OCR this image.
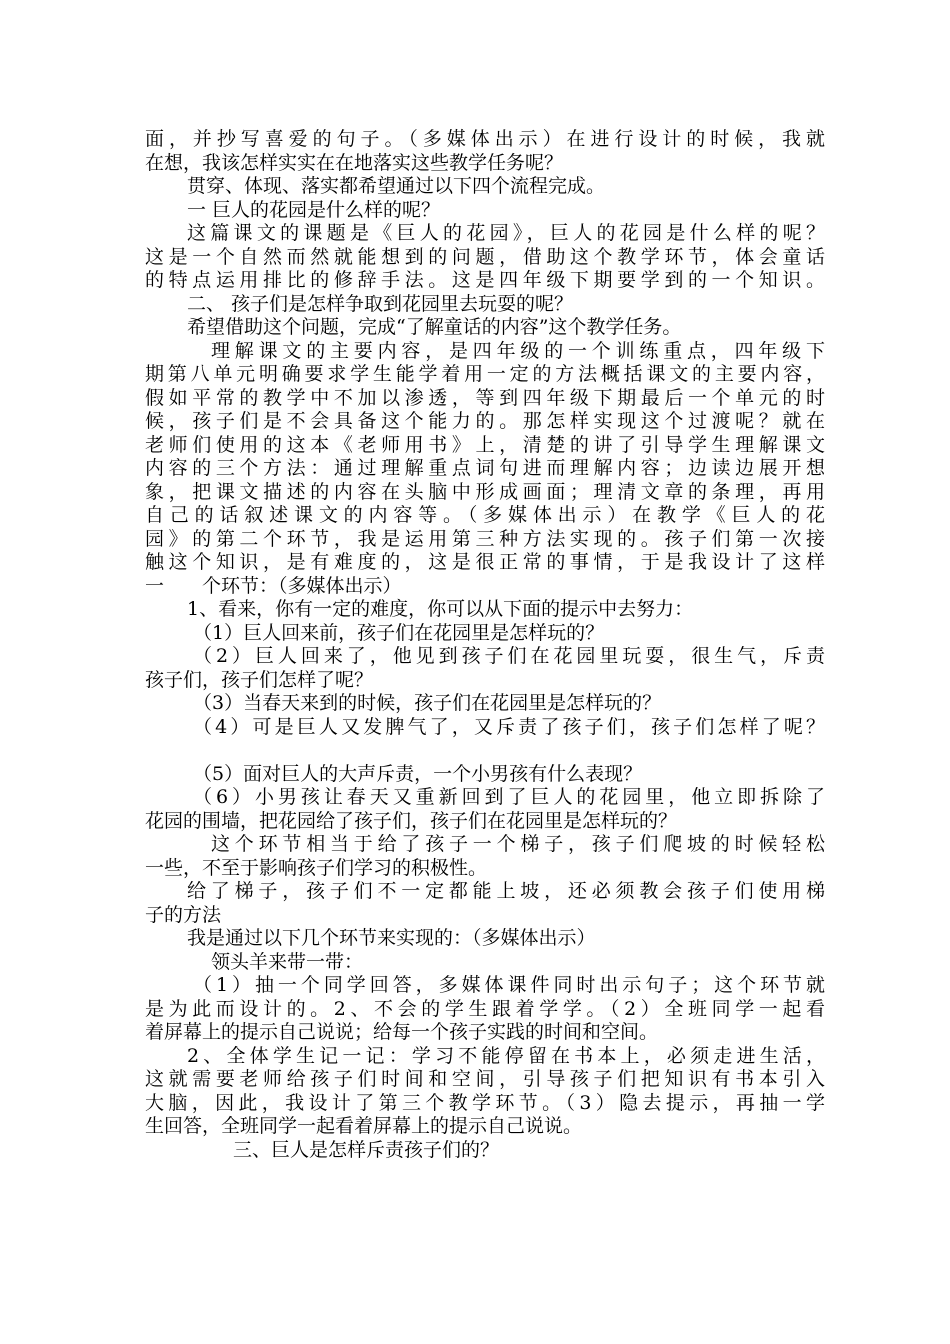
面，并抄写喜爱的句子。（多媒体出示）在进行设计的时候，我就
在想，我该怎样实实在在地落实这些教学任务呢？
贯穿、体现、落实都希望通过以下四个流程完成。
一 巨人的花园是什么样的呢？
这篇课文的课题是《巨人的花园》，巨人的花园是什么样的呢？
这是一个自然而然就能想到的问题，借助这个教学环节，体会童话
的特点运用排比的修辞手法。这是四年级下期要学到的一个知识。
二、 孩子们是怎样争取到花园里去玩耍的呢？
希望借助这个问题，完成“了解童话的内容”这个教学任务。
理解课文的主要内容，是四年级的一个训练重点，四年级下
期第八单元明确要求学生能学着用一定的方法概括课文的主要内容，
假如平常的教学中不加以渗透，等到四年级下期最后一个单元的时
候，孩子们是不会具备这个能力的。那怎样实现这个过渡呢？就在
老师们使用的这本《老师用书》上，清楚的讲了引导学生理解课文
内容的三个方法：通过理解重点词句进而理解内容；边读边展开想
象，把课文描述的内容在头脑中形成画面；理清文章的条理，再用
自己的话叙述课文的内容等。（多媒体出示）在教学《巨人的花
园》的第二个环节，我是运用第三种方法实现的。孩子们第一次接
触这个知识，是有难度的，这是很正常的事情，于是我设计了这样
一　　个环节：（多媒体出示）
1、看来，你有一定的难度，你可以从下面的提示中去努力：
（1）巨人回来前，孩子们在花园里是怎样玩的？
（2）巨人回来了，他见到孩子们在花园里玩耍，很生气，斥责
孩子们，孩子们怎样了呢？
（3）当春天来到的时候，孩子们在花园里是怎样玩的？
（4）可是巨人又发脾气了，又斥责了孩子们，孩子们怎样了呢？
（5）面对巨人的大声斥责，一个小男孩有什么表现？
（6）小男孩让春天又重新回到了巨人的花园里，他立即拆除了
花园的围墙，把花园给了孩子们，孩子们在花园里是怎样玩的？
这个环节相当于给了孩子一个梯子，孩子们爬坡的时候轻松
一些，不至于影响孩子们学习的积极性。
给了梯子，孩子们不一定都能上坡，还必须教会孩子们使用梯
子的方法
我是通过以下几个环节来实现的：（多媒体出示）
领头羊来带一带：
（1）抽一个同学回答，多媒体课件同时出示句子；这个环节就
是为此而设计的。2、不会的学生跟着学学。（2）全班同学一起看
着屏幕上的提示自己说说；给每一个孩子实践的时间和空间。
2、全体学生记一记：学习不能停留在书本上，必须走进生活，
这就需要老师给孩子们时间和空间，引导孩子们把知识有书本引入
大脑，因此，我设计了第三个教学环节。（3）隐去提示，再抽一学
生回答，全班同学一起看着屏幕上的提示自己说说。
三、巨人是怎样斥责孩子们的？
